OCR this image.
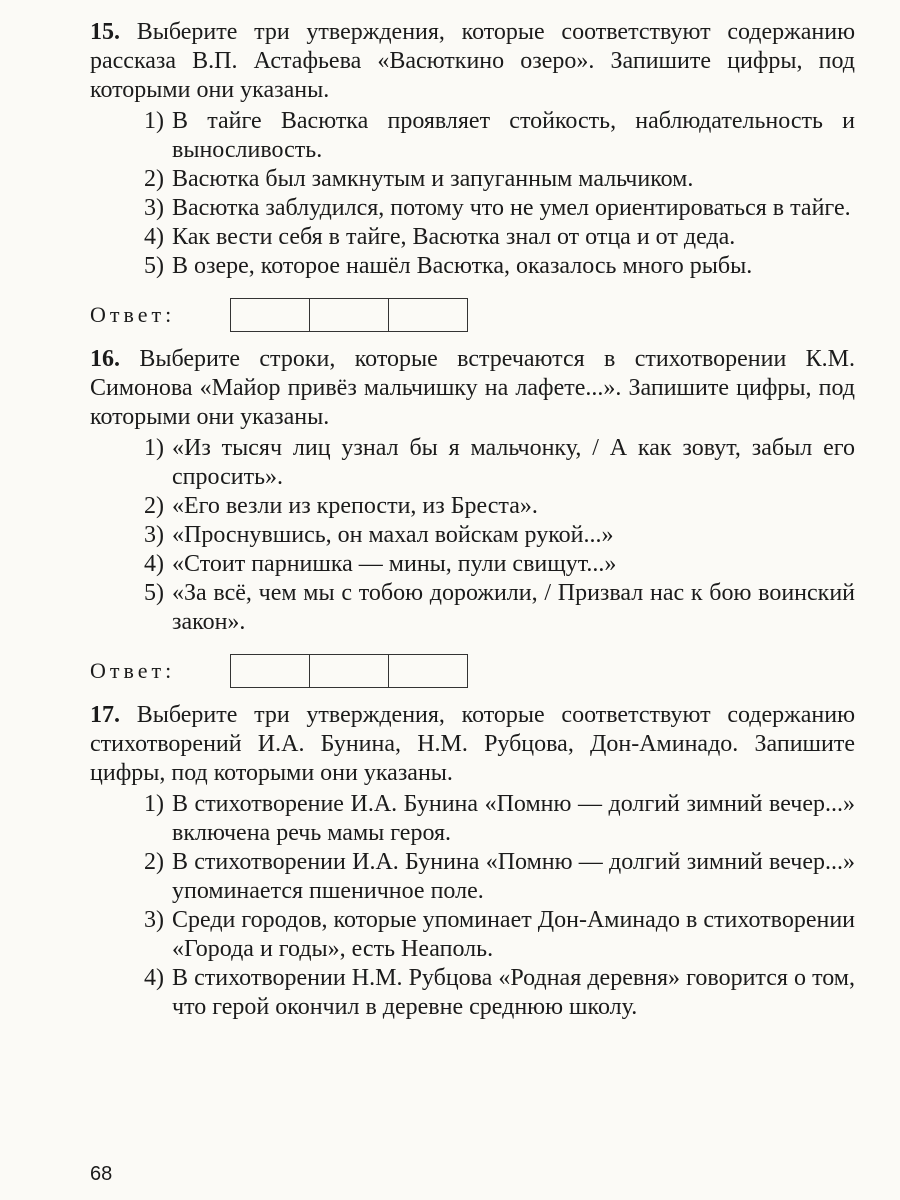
15. Выберите три утверждения, которые соответствуют содержанию рассказа В.П. Астафьева «Васюткино озеро». Запишите цифры, под которыми они указаны.

1) В тайге Васютка проявляет стойкость, наблюдательность и выносливость.
2) Васютка был замкнутым и запуганным мальчиком.
3) Васютка заблудился, потому что не умел ориентироваться в тайге.
4) Как вести себя в тайге, Васютка знал от отца и от деда.
5) В озере, которое нашёл Васютка, оказалось много рыбы.
Ответ:

16. Выберите строки, которые встречаются в стихотворении К.М. Симонова «Майор привёз мальчишку на лафете...». Запишите цифры, под которыми они указаны.

1) «Из тысяч лиц узнал бы я мальчонку, / А как зовут, забыл его спросить».
2) «Его везли из крепости, из Бреста».
3) «Проснувшись, он махал войскам рукой...»
4) «Стоит парнишка — мины, пули свищут...»
5) «За всё, чем мы с тобою дорожили, / Призвал нас к бою воинский закон».
Ответ:

17. Выберите три утверждения, которые соответствуют содержанию стихотворений И.А. Бунина, Н.М. Рубцова, Дон-Аминадо. Запишите цифры, под которыми они указаны.

1) В стихотворение И.А. Бунина «Помню — долгий зимний вечер...» включена речь мамы героя.
2) В стихотворении И.А. Бунина «Помню — долгий зимний вечер...» упоминается пшеничное поле.
3) Среди городов, которые упоминает Дон-Аминадо в стихотворении «Города и годы», есть Неаполь.
4) В стихотворении Н.М. Рубцова «Родная деревня» говорится о том, что герой окончил в деревне среднюю школу.
68
